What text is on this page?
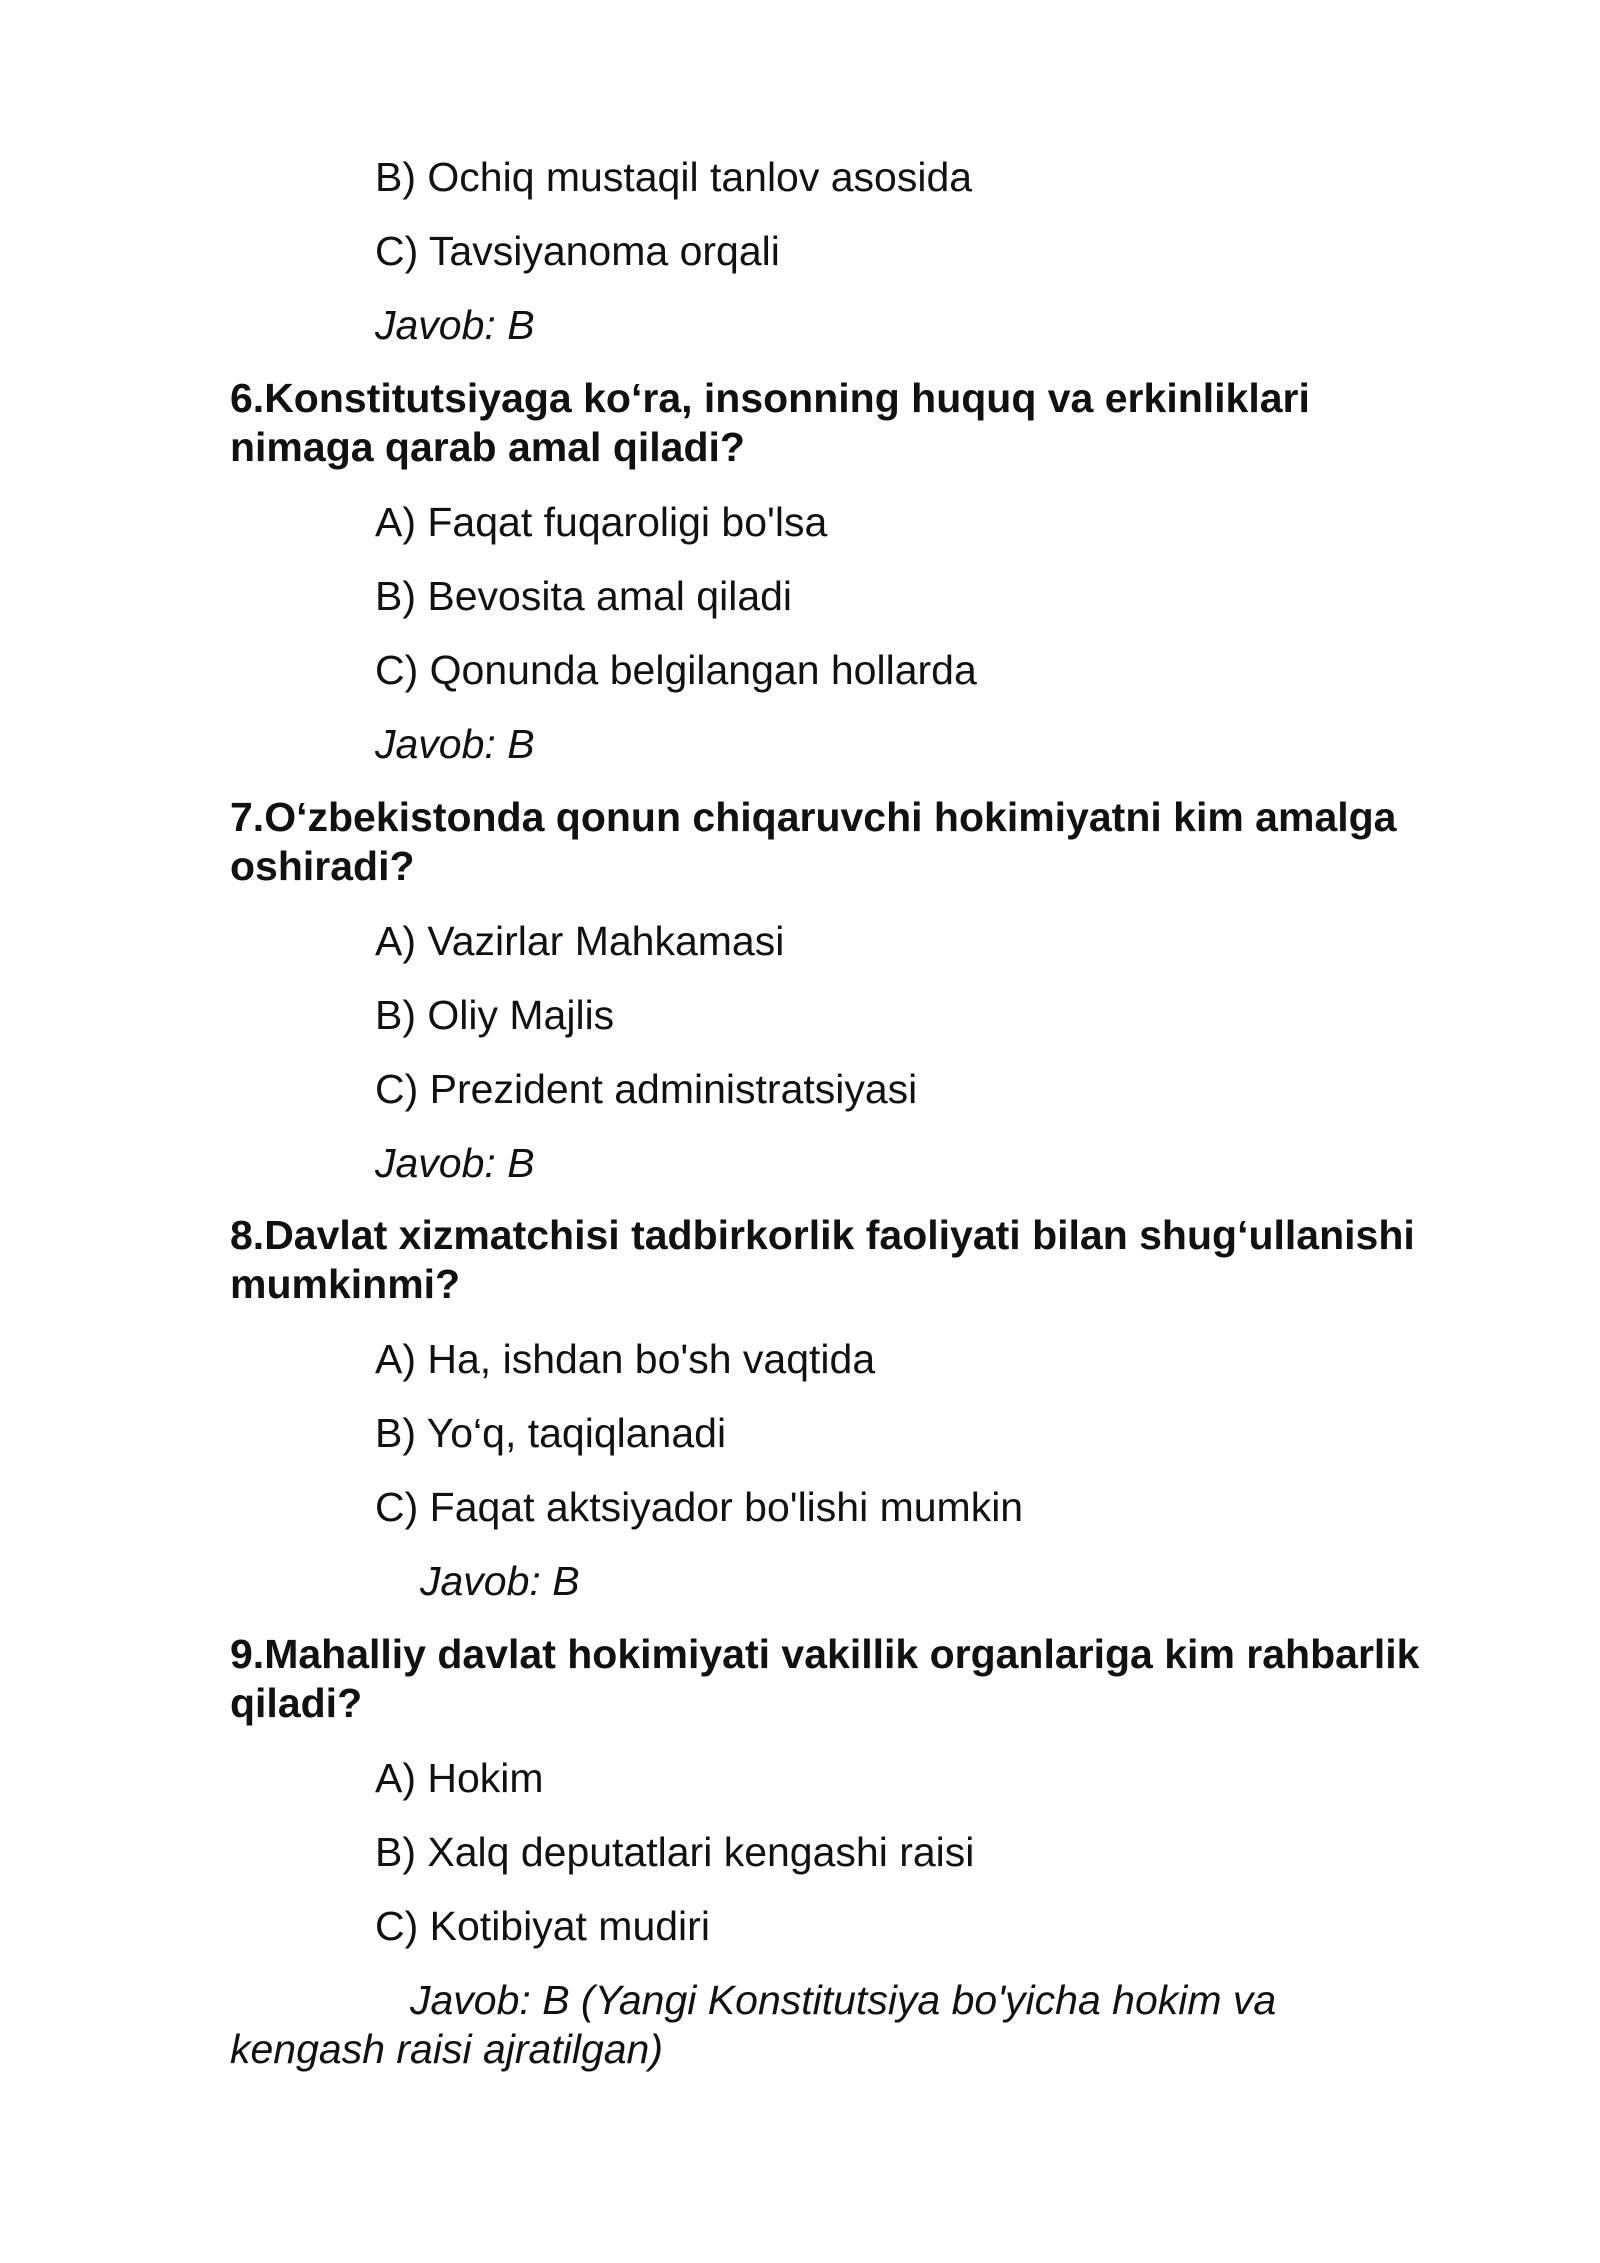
B) Ochiq mustaqil tanlov asosida

C) Tavsiyanoma orqali

Javob: B

6.Konstitutsiyaga ko‘ra, insonning huquq va erkinliklari

nimaga qarab amal qiladi?

A) Faqat fuqaroligi bo'lsa

B) Bevosita amal qiladi

C) Qonunda belgilangan hollarda

Javob: B

7.O‘zbekistonda qonun chiqaruvchi hokimiyatni kim amalga

oshiradi?

A) Vazirlar Mahkamasi

B) Oliy Majlis

C) Prezident administratsiyasi

Javob: B

8.Davlat xizmatchisi tadbirkorlik faoliyati bilan shug‘ullanishi

mumkinmi?

A) Ha, ishdan bo'sh vaqtida

B) Yo‘q, taqiqlanadi

C) Faqat aktsiyador bo'lishi mumkin

Javob: B

9.Mahalliy davlat hokimiyati vakillik organlariga kim rahbarlik

qiladi?

A) Hokim

B) Xalq deputatlari kengashi raisi

C) Kotibiyat mudiri

Javob: B (Yangi Konstitutsiya bo'yicha hokim va

kengash raisi ajratilgan)
